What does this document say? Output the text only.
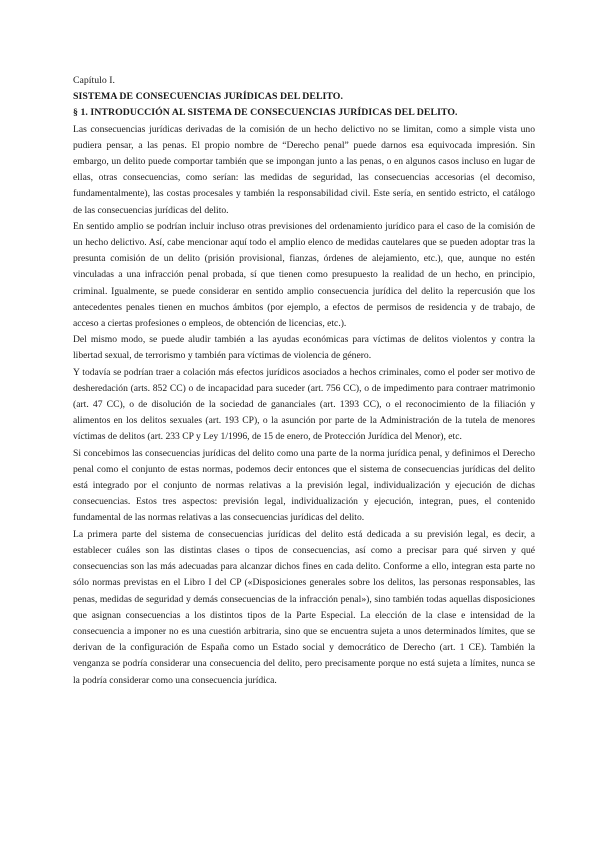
Capítulo I.

SISTEMA DE CONSECUENCIAS JURÍDICAS DEL DELITO.

§ 1. INTRODUCCIÓN AL SISTEMA DE CONSECUENCIAS JURÍDICAS DEL DELITO.

Las consecuencias jurídicas derivadas de la comisión de un hecho delictivo no se limitan, como a simple vista uno pudiera pensar, a las penas. El propio nombre de “Derecho penal” puede darnos esa equivocada impresión. Sin embargo, un delito puede comportar también que se impongan junto a las penas, o en algunos casos incluso en lugar de ellas, otras consecuencias, como serían: las medidas de seguridad, las consecuencias accesorias (el decomiso, fundamentalmente), las costas procesales y también la responsabilidad civil. Este sería, en sentido estricto, el catálogo de las consecuencias jurídicas del delito.

En sentido amplio se podrían incluir incluso otras previsiones del ordenamiento jurídico para el caso de la comisión de un hecho delictivo. Así, cabe mencionar aquí todo el amplio elenco de medidas cautelares que se pueden adoptar tras la presunta comisión de un delito (prisión provisional, fianzas, órdenes de alejamiento, etc.), que, aunque no estén vinculadas a una infracción penal probada, sí que tienen como presupuesto la realidad de un hecho, en principio, criminal. Igualmente, se puede considerar en sentido amplio consecuencia jurídica del delito la repercusión que los antecedentes penales tienen en muchos ámbitos (por ejemplo, a efectos de permisos de residencia y de trabajo, de acceso a ciertas profesiones o empleos, de obtención de licencias, etc.).

Del mismo modo, se puede aludir también a las ayudas económicas para víctimas de delitos violentos y contra la libertad sexual, de terrorismo y también para víctimas de violencia de género.

Y todavía se podrían traer a colación más efectos jurídicos asociados a hechos criminales, como el poder ser motivo de desheredación (arts. 852 CC) o de incapacidad para suceder (art. 756 CC), o de impedimento para contraer matrimonio (art. 47 CC), o de disolución de la sociedad de gananciales (art. 1393 CC), o el reconocimiento de la filiación y alimentos en los delitos sexuales (art. 193 CP), o la asunción por parte de la Administración de la tutela de menores víctimas de delitos (art. 233 CP y Ley 1/1996, de 15 de enero, de Protección Jurídica del Menor), etc.

Si concebimos las consecuencias jurídicas del delito como una parte de la norma jurídica penal, y definimos el Derecho penal como el conjunto de estas normas, podemos decir entonces que el sistema de consecuencias jurídicas del delito está integrado por el conjunto de normas relativas a la previsión legal, individualización y ejecución de dichas consecuencias. Estos tres aspectos: previsión legal, individualización y ejecución, integran, pues, el contenido fundamental de las normas relativas a las consecuencias jurídicas del delito.

La primera parte del sistema de consecuencias jurídicas del delito está dedicada a su previsión legal, es decir, a establecer cuáles son las distintas clases o tipos de consecuencias, así como a precisar para qué sirven y qué consecuencias son las más adecuadas para alcanzar dichos fines en cada delito. Conforme a ello, integran esta parte no sólo normas previstas en el Libro I del CP («Disposiciones generales sobre los delitos, las personas responsables, las penas, medidas de seguridad y demás consecuencias de la infracción penal»), sino también todas aquellas disposiciones que asignan consecuencias a los distintos tipos de la Parte Especial. La elección de la clase e intensidad de la consecuencia a imponer no es una cuestión arbitraria, sino que se encuentra sujeta a unos determinados límites, que se derivan de la configuración de España como un Estado social y democrático de Derecho (art. 1 CE). También la venganza se podría considerar una consecuencia del delito, pero precisamente porque no está sujeta a límites, nunca se la podría considerar como una consecuencia jurídica.
